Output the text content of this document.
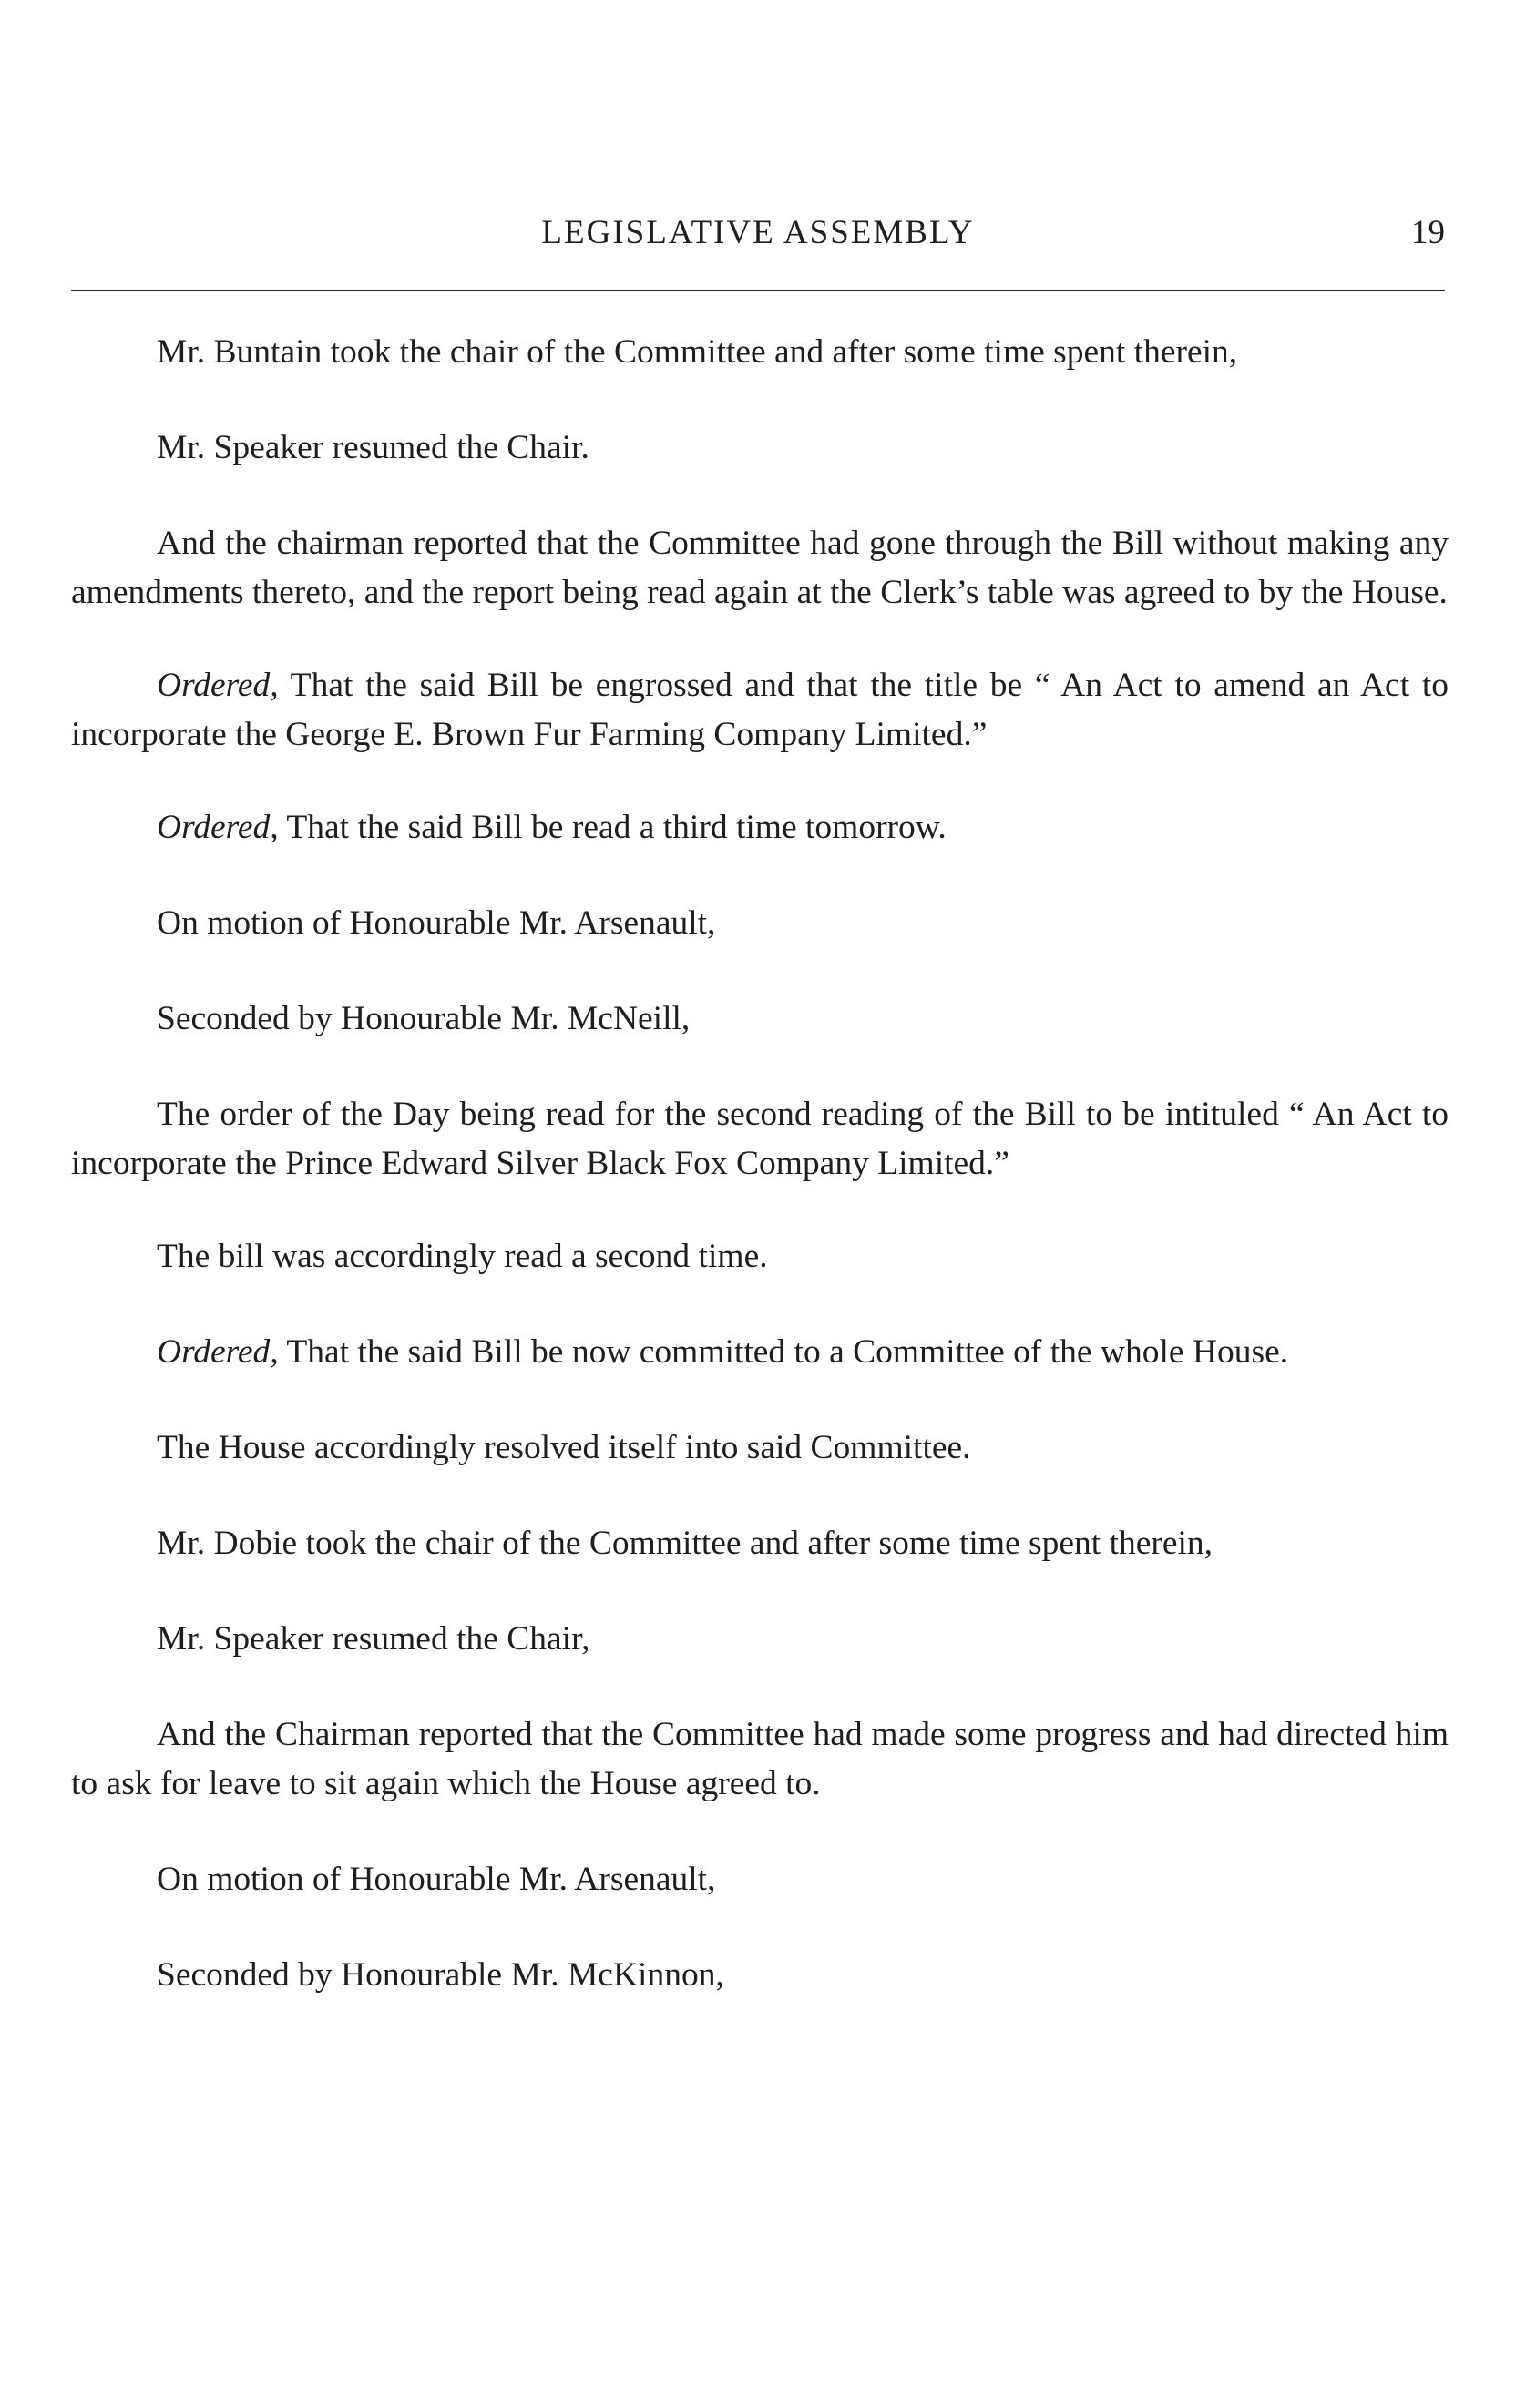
LEGISLATIVE ASSEMBLY	19

Mr. Buntain took the chair of the Committee and after some time spent therein,

Mr. Speaker resumed the Chair.

And the chairman reported that the Committee had gone through the Bill without making any amendments thereto, and the report being read again at the Clerk’s table was agreed to by the House.

Ordered, That the said Bill be engrossed and that the title be “ An Act to amend an Act to incorporate the George E. Brown Fur Farming Company Limited.”

Ordered, That the said Bill be read a third time tomorrow.

On motion of Honourable Mr. Arsenault,

Seconded by Honourable Mr. McNeill,

The order of the Day being read for the second reading of the Bill to be intituled “ An Act to incorporate the Prince Edward Silver Black Fox Company Limited.”

The bill was accordingly read a second time.

Ordered, That the said Bill be now committed to a Committee of the whole House.

The House accordingly resolved itself into said Committee.

Mr. Dobie took the chair of the Committee and after some time spent therein,

Mr. Speaker resumed the Chair,

And the Chairman reported that the Committee had made some progress and had directed him to ask for leave to sit again which the House agreed to.

On motion of Honourable Mr. Arsenault,

Seconded by Honourable Mr. McKinnon,
